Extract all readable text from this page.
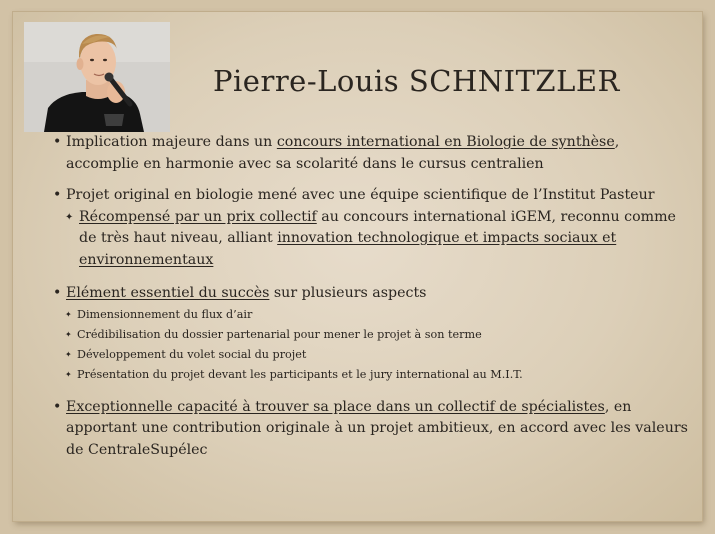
Pierre-Louis SCHNITZLER
• Implication majeure dans un concours international en Biologie de synthèse,
accomplie en harmonie avec sa scolarité dans le cursus centralien
• Projet original en biologie mené avec une équipe scientifique de l’Institut Pasteur
✦ Récompensé par un prix collectif au concours international iGEM, reconnu comme de très haut niveau, alliant innovation technologique et impacts sociaux et environnementaux
• Elément essentiel du succès sur plusieurs aspects
✦ Dimensionnement du flux d’air
✦ Crédibilisation du dossier partenarial pour mener le projet à son terme
✦ Développement du volet social du projet
✦ Présentation du projet devant les participants et le jury international au M.I.T.
• Exceptionnelle capacité à trouver sa place dans un collectif de spécialistes, en apportant une contribution originale à un projet ambitieux, en accord avec les valeurs de CentraleSupélec
